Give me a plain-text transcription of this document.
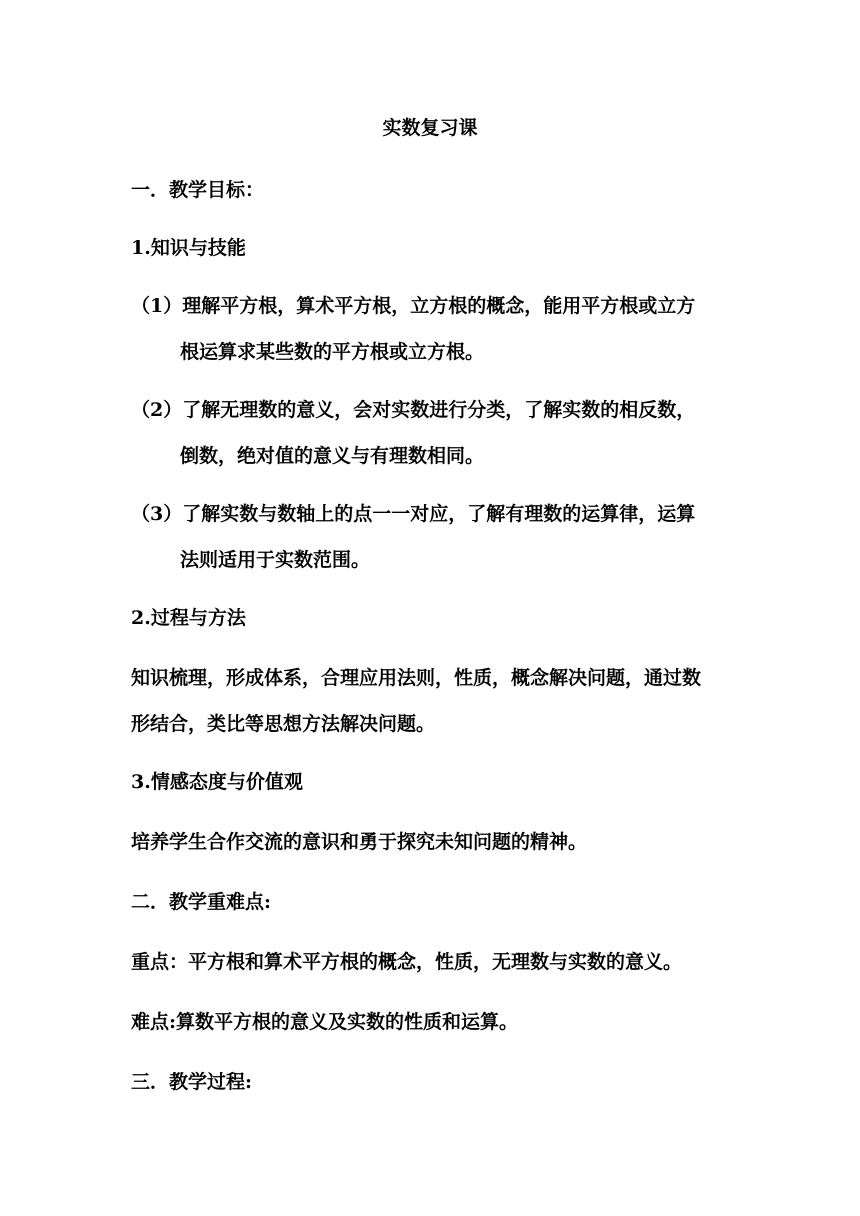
实数复习课
一．教学目标：
1.知识与技能
（1）理解平方根，算术平方根，立方根的概念，能用平方根或立方
根运算求某些数的平方根或立方根。
（2）了解无理数的意义，会对实数进行分类，了解实数的相反数，
倒数，绝对值的意义与有理数相同。
（3）了解实数与数轴上的点一一对应，了解有理数的运算律，运算
法则适用于实数范围。
2.过程与方法
知识梳理，形成体系，合理应用法则，性质，概念解决问题，通过数
形结合，类比等思想方法解决问题。
3.情感态度与价值观
培养学生合作交流的意识和勇于探究未知问题的精神。
二．教学重难点:
重点：平方根和算术平方根的概念，性质，无理数与实数的意义。
难点:算数平方根的意义及实数的性质和运算。
三．教学过程:
